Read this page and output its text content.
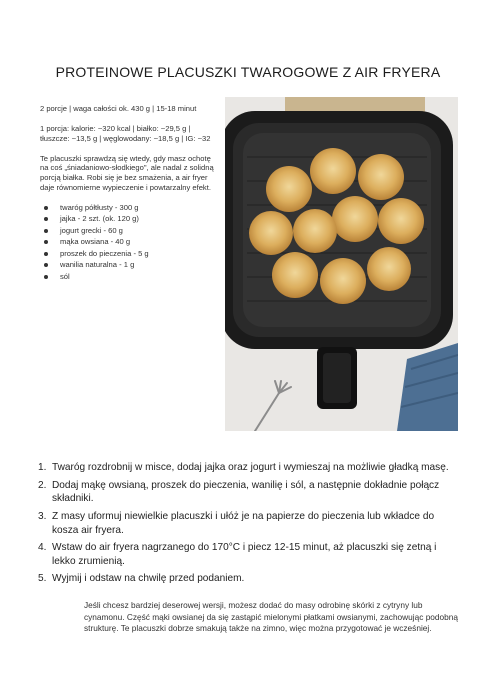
PROTEINOWE PLACUSZKI TWAROGOWE Z AIR FRYERA

2 porcje | waga całości ok. 430 g | 15-18 minut

1 porcja: kalorie: ~320 kcal | białko: ~29,5 g | tłuszcze: ~13,5 g | węglowodany: ~18,5 g | IG: ~32

Te placuszki sprawdzą się wtedy, gdy masz ochotę na coś „śniadaniowo-słodkiego", ale nadal z solidną porcją białka. Robi się je bez smażenia, a air fryer daje równomierne wypieczenie i powtarzalny efekt.

twaróg półtłusty - 300 g
jajka - 2 szt. (ok. 120 g)
jogurt grecki - 60 g
mąka owsiana - 40 g
proszek do pieczenia - 5 g
wanilia naturalna - 1 g
sól
1. Twaróg rozdrobnij w misce, dodaj jajka oraz jogurt i wymieszaj na możliwie gładką masę.
2. Dodaj mąkę owsianą, proszek do pieczenia, wanilię i sól, a następnie dokładnie połącz składniki.
3. Z masy uformuj niewielkie placuszki i ułóż je na papierze do pieczenia lub wkładce do kosza air fryera.
4. Wstaw do air fryera nagrzanego do 170°C i piecz 12-15 minut, aż placuszki się zetną i lekko zrumienią.
5. Wyjmij i odstaw na chwilę przed podaniem.

Jeśli chcesz bardziej deserowej wersji, możesz dodać do masy odrobinę skórki z cytryny lub cynamonu. Część mąki owsianej da się zastąpić mielonymi płatkami owsianymi, zachowując podobną strukturę. Te placuszki dobrze smakują także na zimno, więc można przygotować je wcześniej.
